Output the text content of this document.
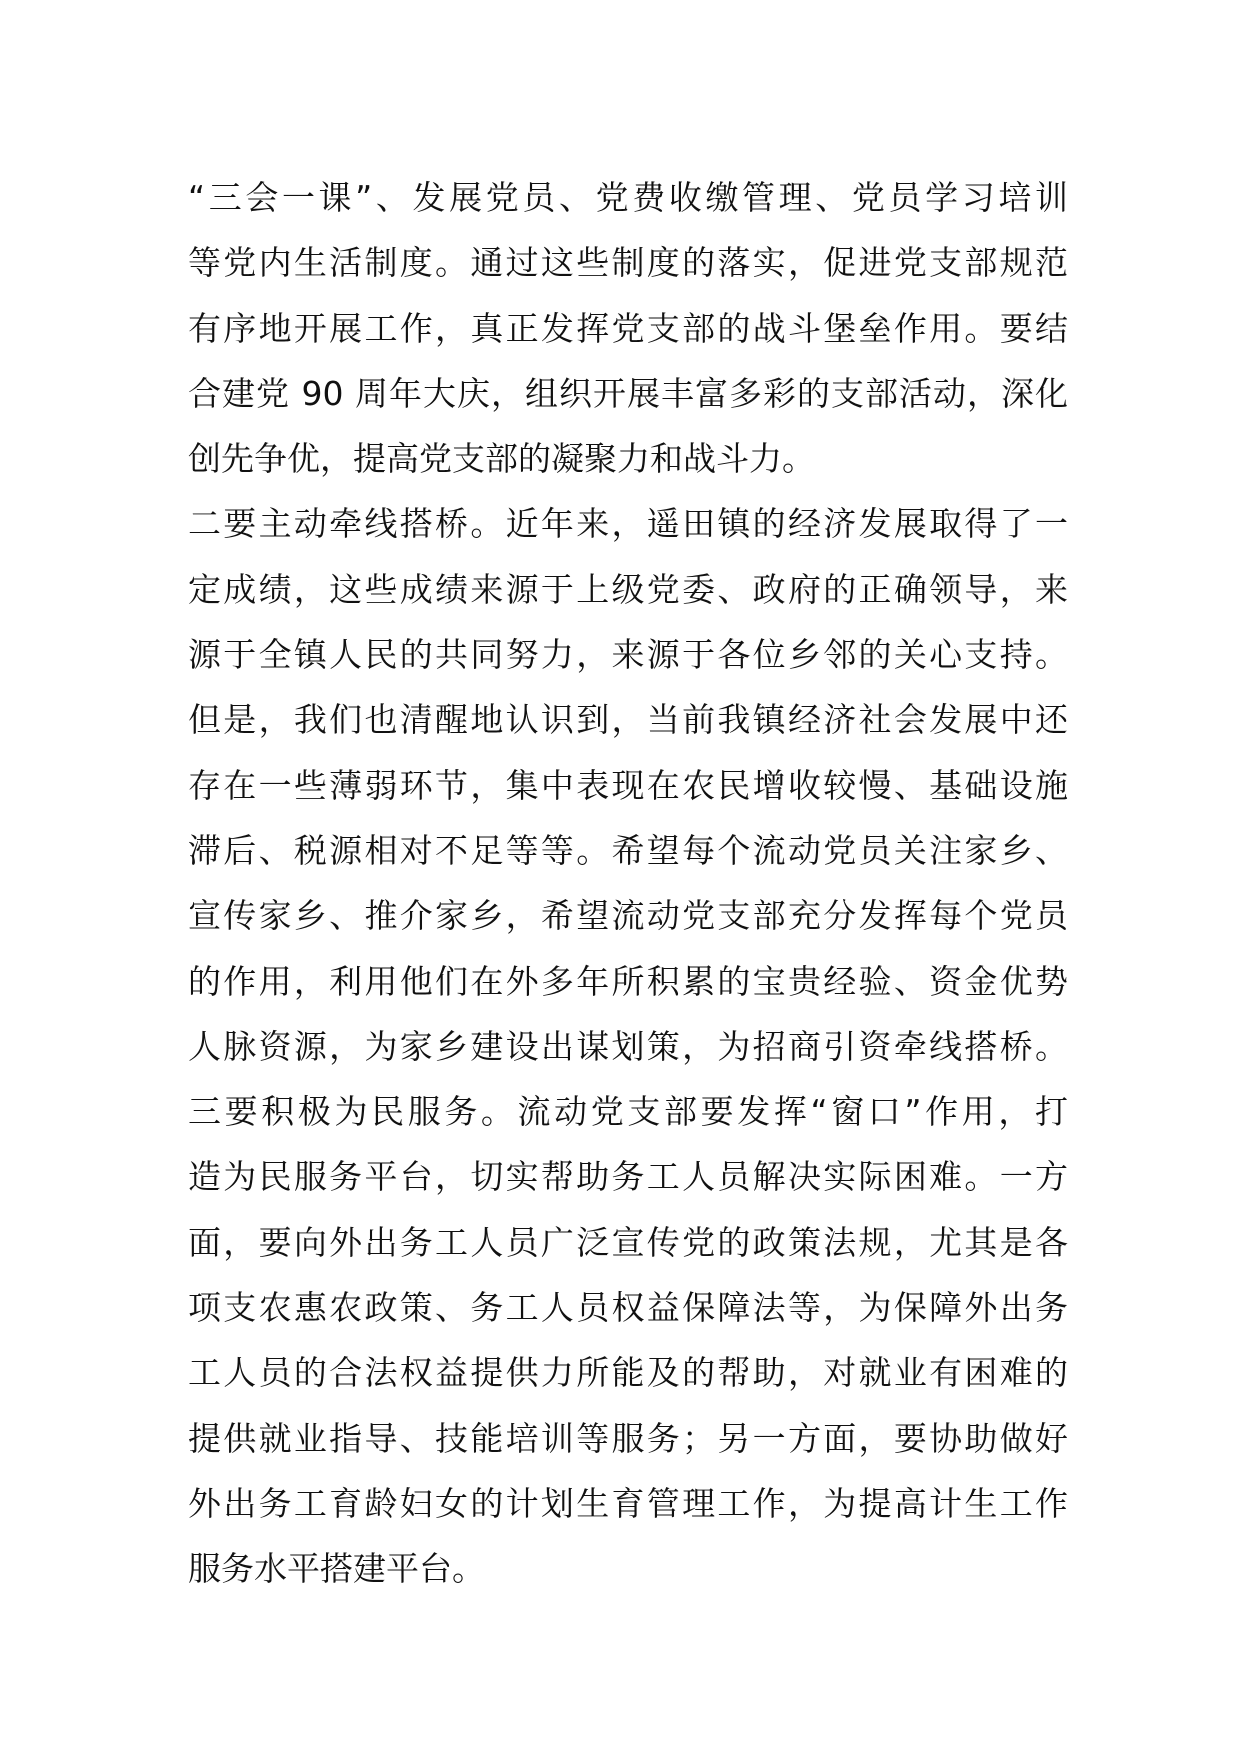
“三会一课”、发展党员、党费收缴管理、党员学习培训
等党内生活制度。通过这些制度的落实，促进党支部规范
有序地开展工作，真正发挥党支部的战斗堡垒作用。要结
合建党 90 周年大庆，组织开展丰富多彩的支部活动，深化
创先争优，提高党支部的凝聚力和战斗力。
二要主动牵线搭桥。近年来，遥田镇的经济发展取得了一
定成绩，这些成绩来源于上级党委、政府的正确领导，来
源于全镇人民的共同努力，来源于各位乡邻的关心支持。
但是，我们也清醒地认识到，当前我镇经济社会发展中还
存在一些薄弱环节，集中表现在农民增收较慢、基础设施
滞后、税源相对不足等等。希望每个流动党员关注家乡、
宣传家乡、推介家乡，希望流动党支部充分发挥每个党员
的作用，利用他们在外多年所积累的宝贵经验、资金优势
人脉资源，为家乡建设出谋划策，为招商引资牵线搭桥。
三要积极为民服务。流动党支部要发挥“窗口”作用，打
造为民服务平台，切实帮助务工人员解决实际困难。一方
面，要向外出务工人员广泛宣传党的政策法规，尤其是各
项支农惠农政策、务工人员权益保障法等，为保障外出务
工人员的合法权益提供力所能及的帮助，对就业有困难的
提供就业指导、技能培训等服务；另一方面，要协助做好
外出务工育龄妇女的计划生育管理工作，为提高计生工作
服务水平搭建平台。
